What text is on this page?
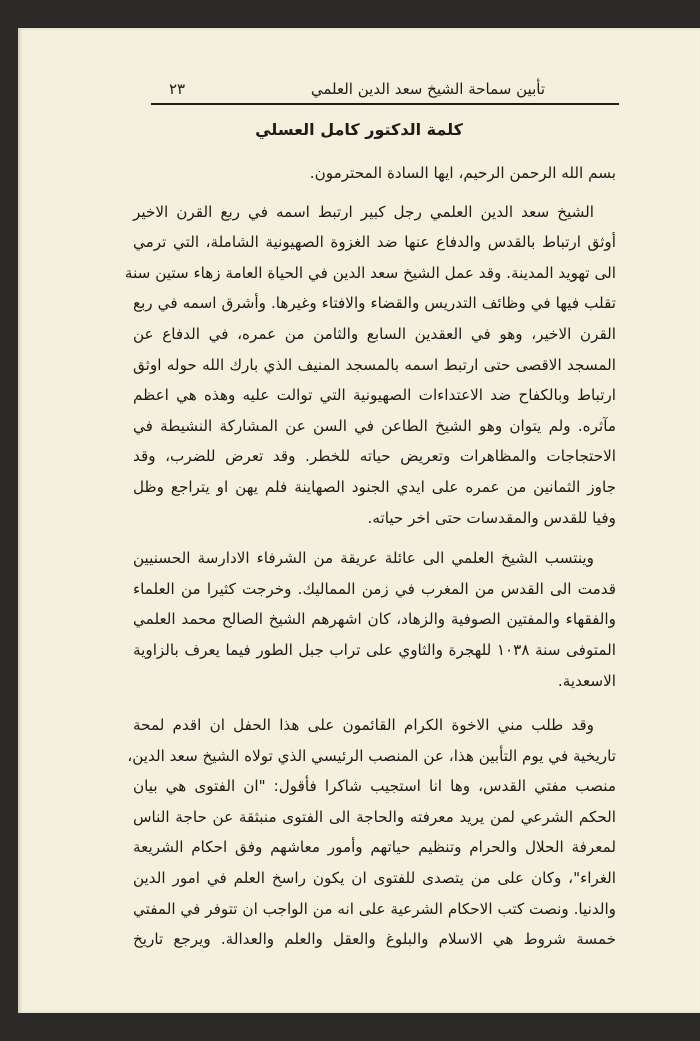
تأبين سماحة الشيخ سعد الدين العلمي
٢٣
كلمة الدكتور كامل العسلي
بسم الله الرحمن الرحيم، ايها السادة المحترمون.
الشيخ سعد الدين العلمي رجل كبير ارتبط اسمه في ربع القرن الاخير
أوثق ارتباط بالقدس والدفاع عنها ضد الغزوة الصهيونية الشاملة، التي ترمي
الى تهويد المدينة. وقد عمل الشيخ سعد الدين في الحياة العامة زهاء ستين سنة
تقلب فيها في وظائف التدريس والقضاء والافتاء وغيرها. وأشرق اسمه في ربع
القرن الاخير، وهو في العقدين السابع والثامن من عمره، في الدفاع عن
المسجد الاقصى حتى ارتبط اسمه بالمسجد المنيف الذي بارك الله حوله اوثق
ارتباط وبالكفاح ضد الاعتداءات الصهيونية التي توالت عليه وهذه هي اعظم
مآثره. ولم يتوان وهو الشيخ الطاعن في السن عن المشاركة النشيطة في
الاحتجاجات والمظاهرات وتعريض حياته للخطر. وقد تعرض للضرب، وقد
جاوز الثمانين من عمره على ايدي الجنود الصهاينة فلم يهن او يتراجع وظل
وفيا للقدس والمقدسات حتى اخر حياته.
وينتسب الشيخ العلمي الى عائلة عريقة من الشرفاء الادارسة الحسنيين
قدمت الى القدس من المغرب في زمن المماليك. وخرجت كثيرا من العلماء
والفقهاء والمفتين الصوفية والزهاد، كان اشهرهم الشيخ الصالح محمد العلمي
المتوفى سنة ١٠٣٨ للهجرة والثاوي على تراب جبل الطور فيما يعرف بالزاوية
الاسعدية.
وقد طلب مني الاخوة الكرام القائمون على هذا الحفل ان اقدم لمحة
تاريخية في يوم التأبين هذا، عن المنصب الرئيسي الذي تولاه الشيخ سعد الدين،
منصب مفتي القدس، وها انا استجيب شاكرا فأقول: "ان الفتوى هي بيان
الحكم الشرعي لمن يريد معرفته والحاجة الى الفتوى منبثقة عن حاجة الناس
لمعرفة الحلال والحرام وتنظيم حياتهم وأمور معاشهم وفق احكام الشريعة
الغراء"، وكان على من يتصدى للفتوى ان يكون راسخ العلم في امور الدين
والدنيا. ونصت كتب الاحكام الشرعية على انه من الواجب ان تتوفر في المفتي
خمسة شروط هي الاسلام والبلوغ والعقل والعلم والعدالة. ويرجع تاريخ
